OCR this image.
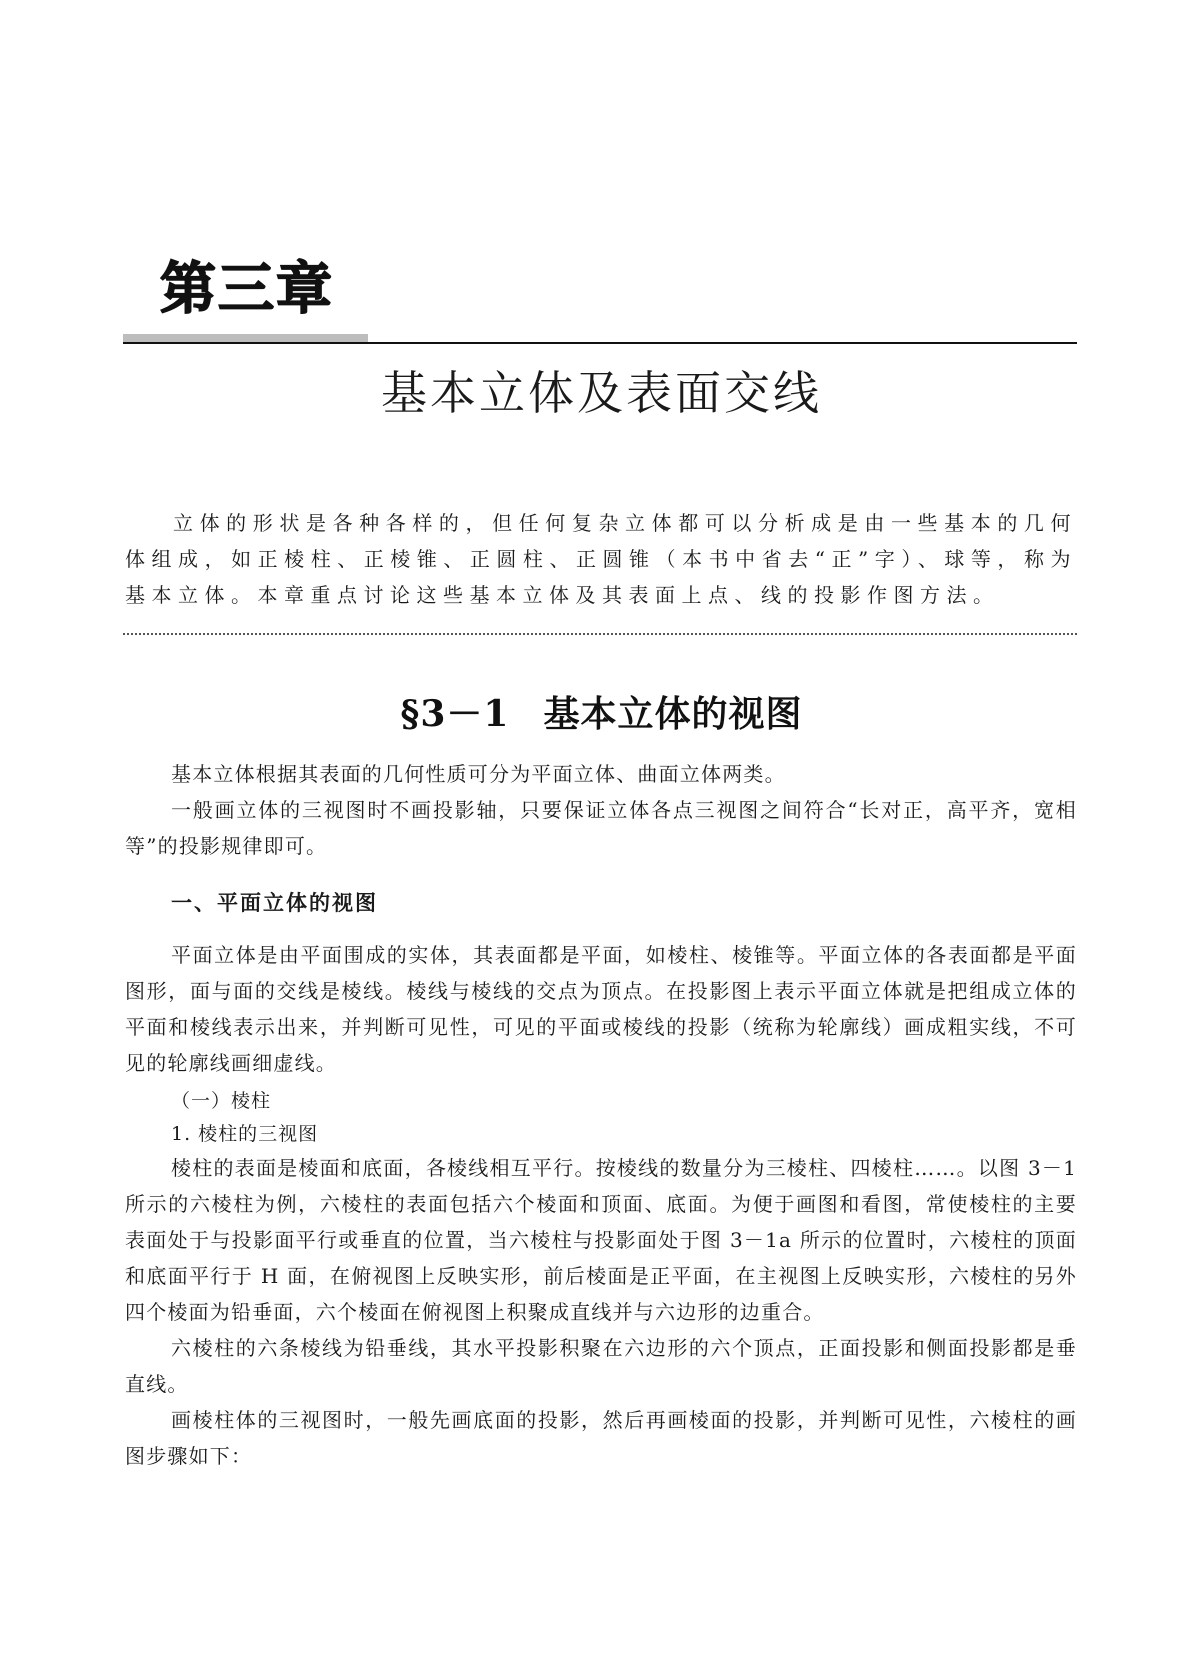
第三章
基本立体及表面交线

立体的形状是各种各样的，但任何复杂立体都可以分析成是由一些基本的几何体组成，如正棱柱、正棱锥、正圆柱、正圆锥（本书中省去“正”字）、球等，称为基本立体。本章重点讨论这些基本立体及其表面上点、线的投影作图方法。

§3－1 基本立体的视图

基本立体根据其表面的几何性质可分为平面立体、曲面立体两类。

一般画立体的三视图时不画投影轴，只要保证立体各点三视图之间符合“长对正，高平齐，宽相等”的投影规律即可。

一、平面立体的视图

平面立体是由平面围成的实体，其表面都是平面，如棱柱、棱锥等。平面立体的各表面都是平面图形，面与面的交线是棱线。棱线与棱线的交点为顶点。在投影图上表示平面立体就是把组成立体的平面和棱线表示出来，并判断可见性，可见的平面或棱线的投影（统称为轮廓线）画成粗实线，不可见的轮廓线画细虚线。

（一）棱柱
1. 棱柱的三视图

棱柱的表面是棱面和底面，各棱线相互平行。按棱线的数量分为三棱柱、四棱柱……。以图 3－1 所示的六棱柱为例，六棱柱的表面包括六个棱面和顶面、底面。为便于画图和看图，常使棱柱的主要表面处于与投影面平行或垂直的位置，当六棱柱与投影面处于图 3－1a 所示的位置时，六棱柱的顶面和底面平行于 H 面，在俯视图上反映实形，前后棱面是正平面，在主视图上反映实形，六棱柱的另外四个棱面为铅垂面，六个棱面在俯视图上积聚成直线并与六边形的边重合。

六棱柱的六条棱线为铅垂线，其水平投影积聚在六边形的六个顶点，正面投影和侧面投影都是垂直线。

画棱柱体的三视图时，一般先画底面的投影，然后再画棱面的投影，并判断可见性，六棱柱的画图步骤如下：
